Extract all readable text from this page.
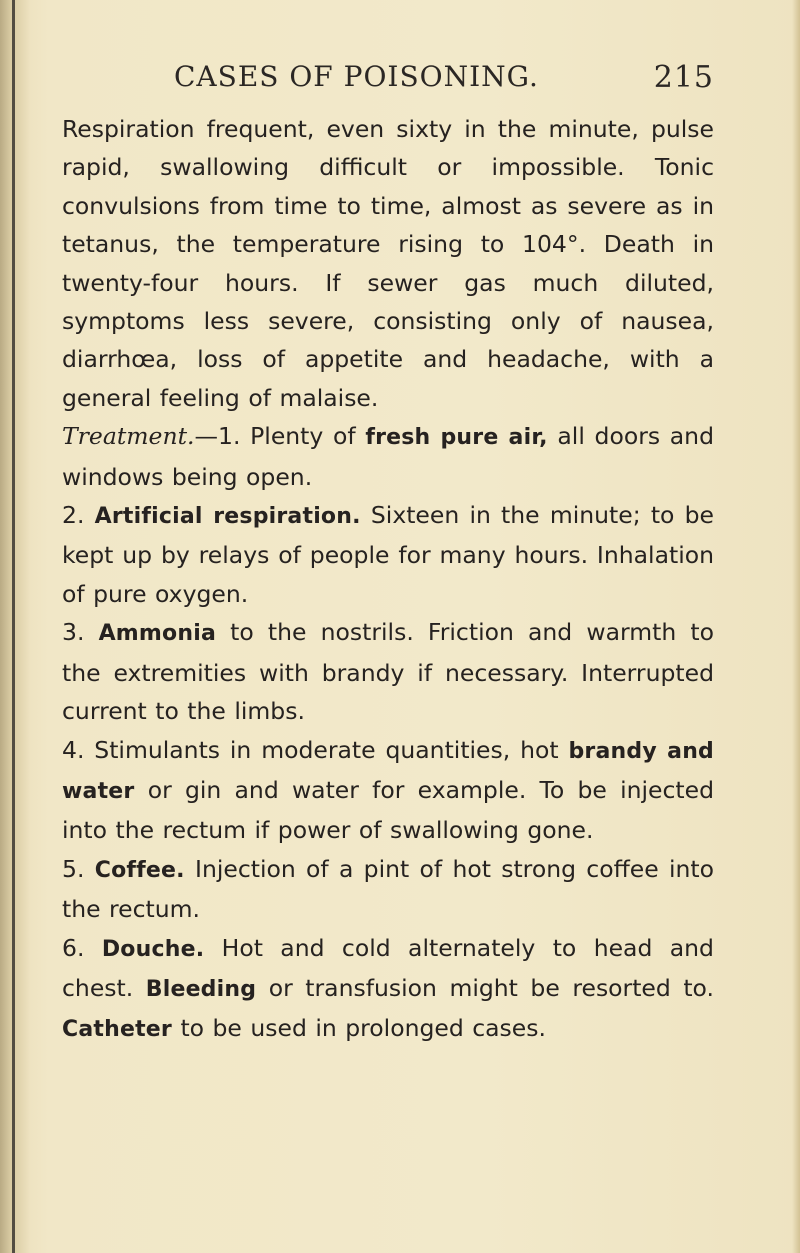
CASES OF POISONING.	215

Respiration frequent, even sixty in the minute, pulse rapid, swallowing difficult or impossible. Tonic convulsions from time to time, almost as severe as in tetanus, the temperature rising to 104°. Death in twenty-four hours. If sewer gas much diluted, symptoms less severe, consisting only of nausea, diarrhœa, loss of appetite and headache, with a general feeling of malaise.

Treatment.—1. Plenty of fresh pure air, all doors and windows being open.

2. Artificial respiration. Sixteen in the minute; to be kept up by relays of people for many hours. Inhalation of pure oxygen.

3. Ammonia to the nostrils. Friction and warmth to the extremities with brandy if necessary. Interrupted current to the limbs.

4. Stimulants in moderate quantities, hot brandy and water or gin and water for example. To be injected into the rectum if power of swallowing gone.

5. Coffee. Injection of a pint of hot strong coffee into the rectum.

6. Douche. Hot and cold alternately to head and chest. Bleeding or transfusion might be resorted to. Catheter to be used in prolonged cases.
